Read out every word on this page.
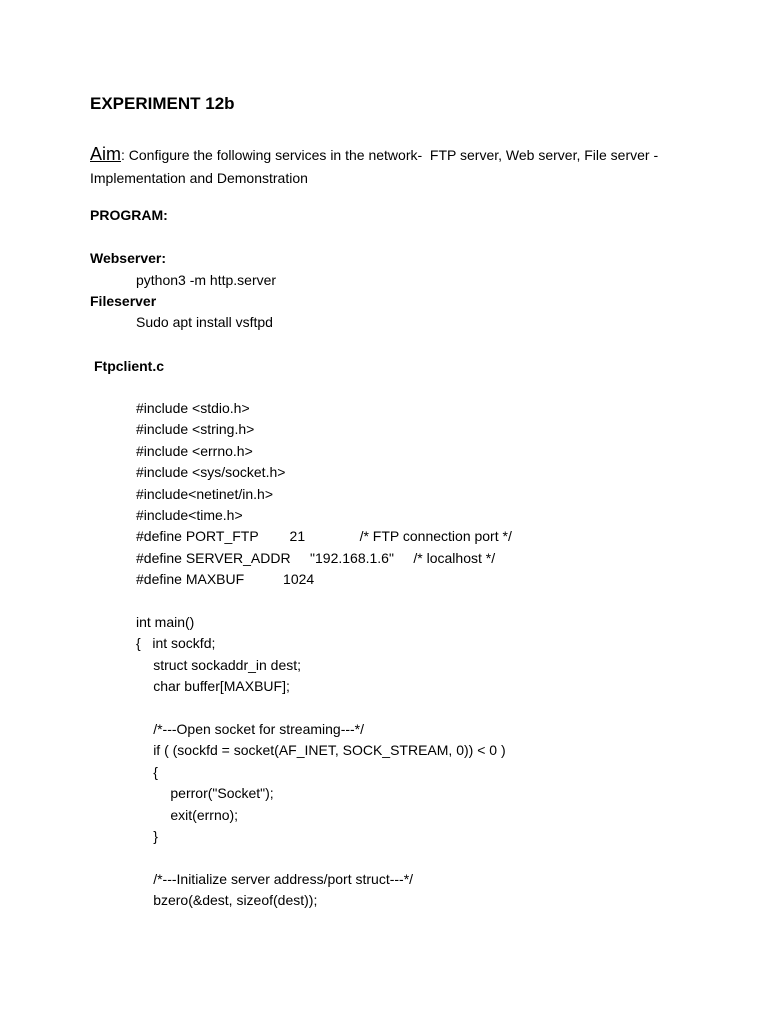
EXPERIMENT 12b
Aim: Configure the following services in the network-  FTP server, Web server, File server -
Implementation and Demonstration
PROGRAM:
Webserver:
python3 -m http.server
Fileserver
Sudo apt install vsftpd
Ftpclient.c
#include <stdio.h>
#include <string.h>
#include <errno.h>
#include <sys/socket.h>
#include<netinet/in.h>
#include<time.h>
#define PORT_FTP        21              /* FTP connection port */
#define SERVER_ADDR     "192.168.1.6"     /* localhost */
#define MAXBUF          1024
int main()
{   int sockfd;
struct sockaddr_in dest;
char buffer[MAXBUF];
/*---Open socket for streaming---*/
if ( (sockfd = socket(AF_INET, SOCK_STREAM, 0)) < 0 )
{
perror("Socket");
exit(errno);
}
/*---Initialize server address/port struct---*/
bzero(&dest, sizeof(dest));
